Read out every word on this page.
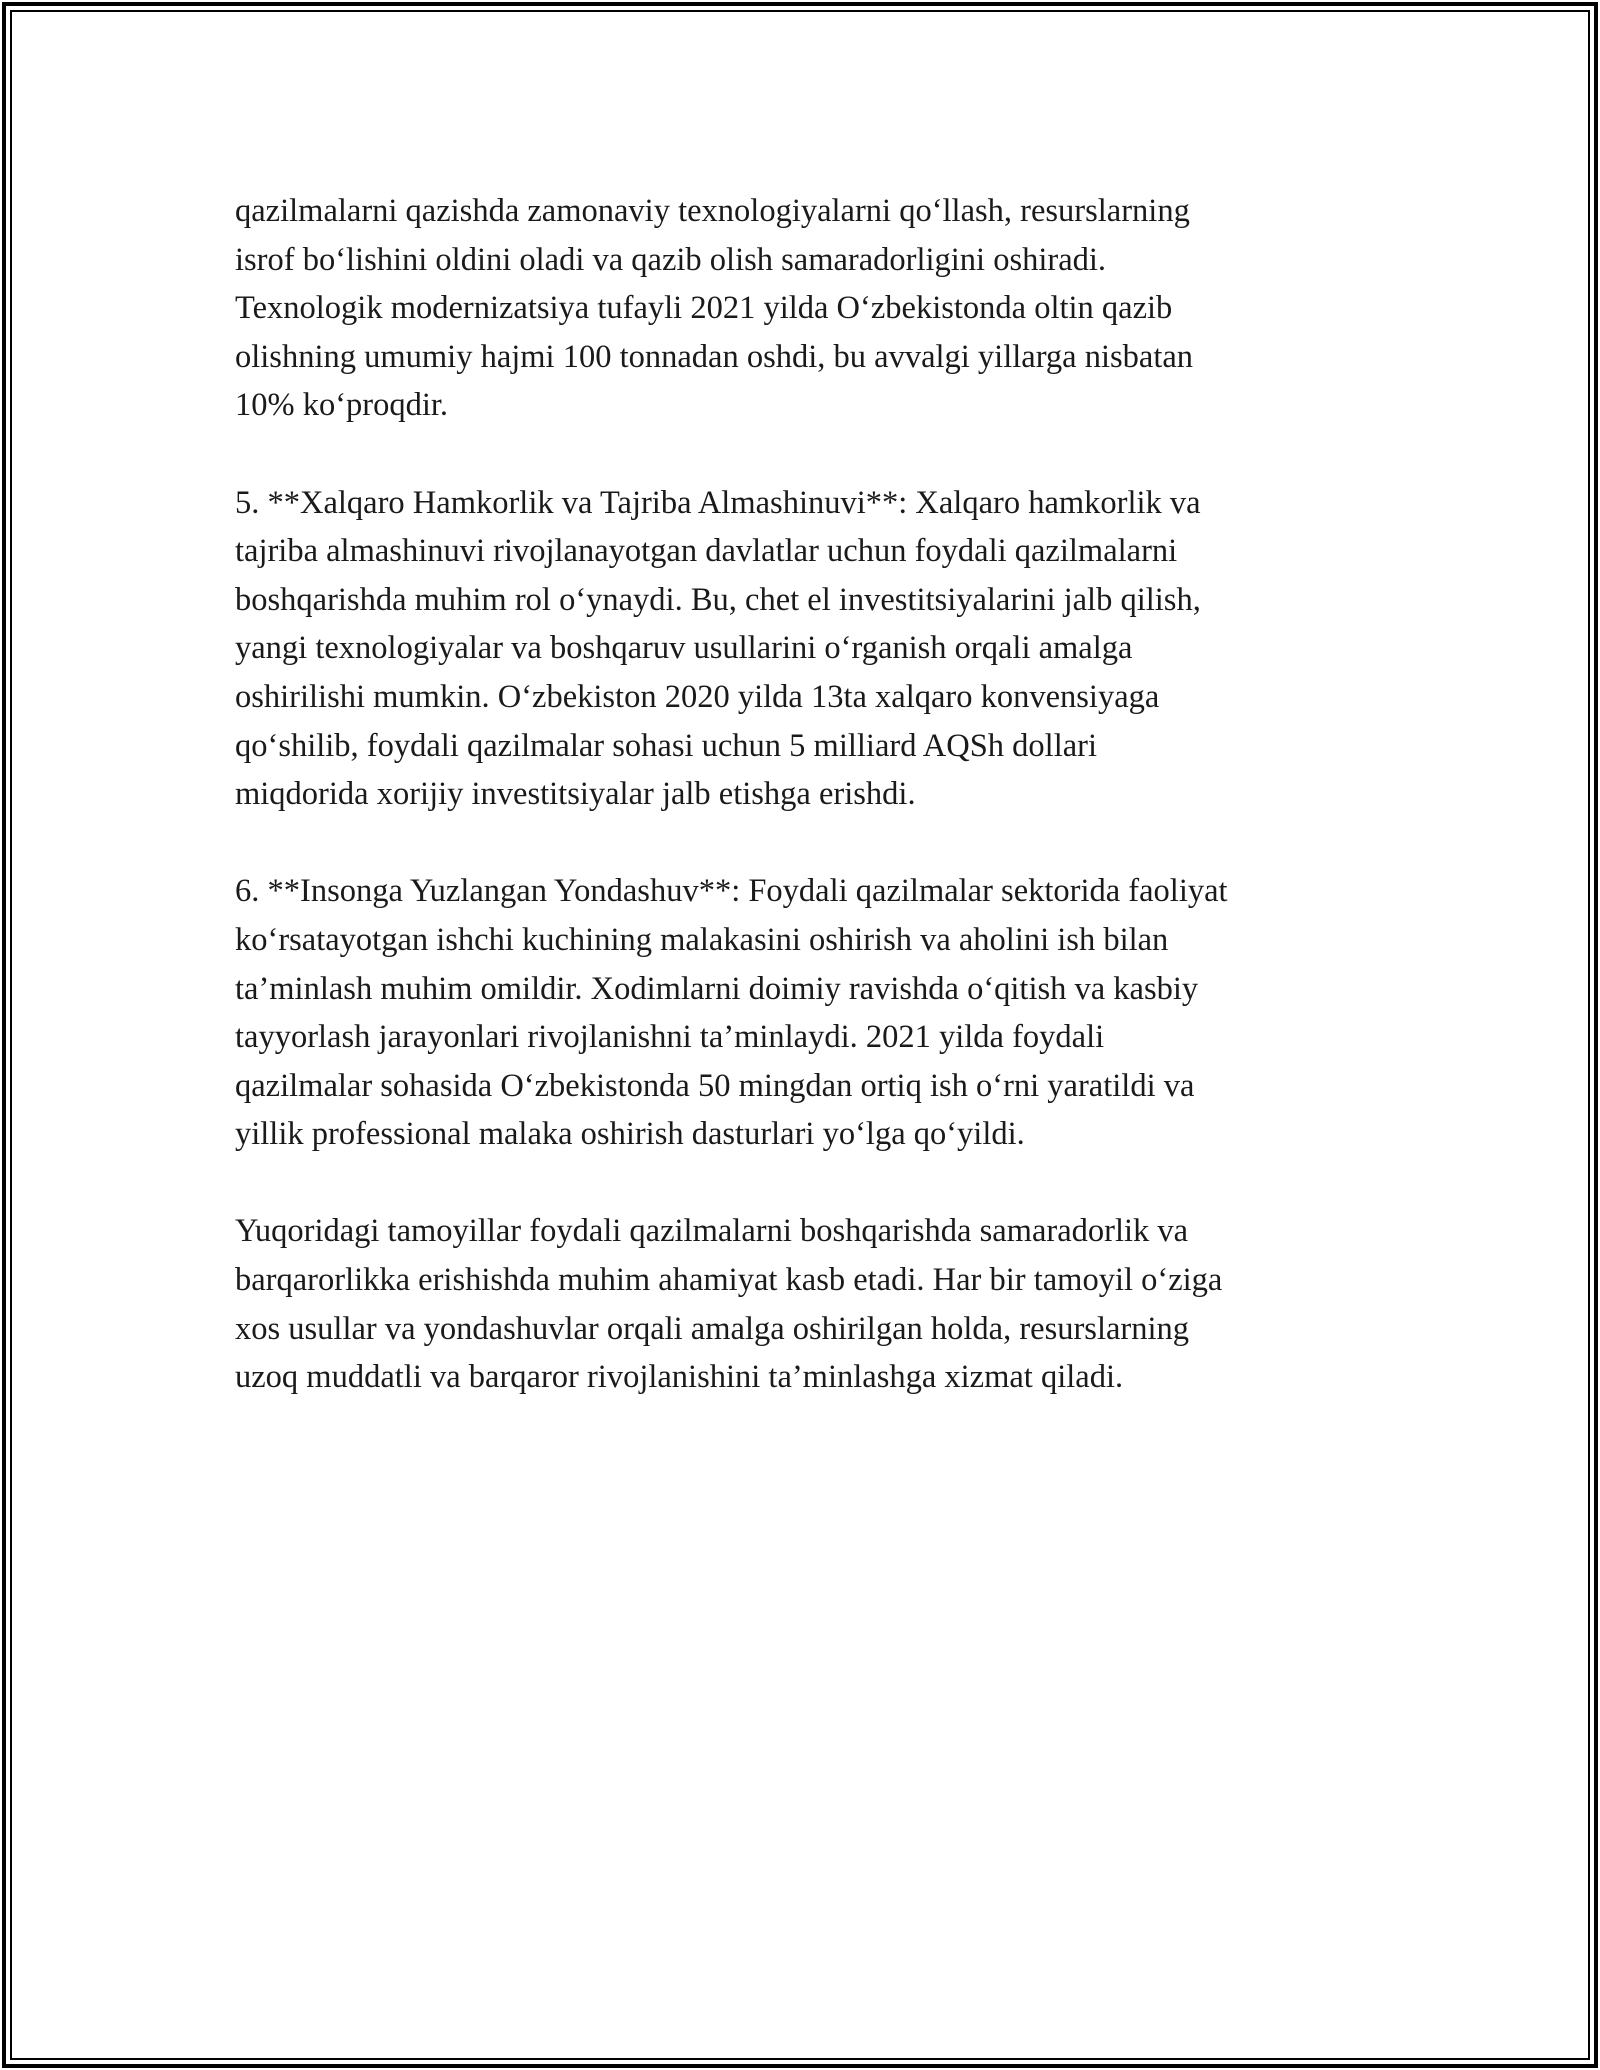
qazilmalarni qazishda zamonaviy texnologiyalarni qo‘llash, resurslarning
isrof bo‘lishini oldini oladi va qazib olish samaradorligini oshiradi.
Texnologik modernizatsiya tufayli 2021 yilda O‘zbekistonda oltin qazib
olishning umumiy hajmi 100 tonnadan oshdi, bu avvalgi yillarga nisbatan
10% ko‘proqdir.

5. **Xalqaro Hamkorlik va Tajriba Almashinuvi**: Xalqaro hamkorlik va
tajriba almashinuvi rivojlanayotgan davlatlar uchun foydali qazilmalarni
boshqarishda muhim rol o‘ynaydi. Bu, chet el investitsiyalarini jalb qilish,
yangi texnologiyalar va boshqaruv usullarini o‘rganish orqali amalga
oshirilishi mumkin. O‘zbekiston 2020 yilda 13ta xalqaro konvensiyaga
qo‘shilib, foydali qazilmalar sohasi uchun 5 milliard AQSh dollari
miqdorida xorijiy investitsiyalar jalb etishga erishdi.

6. **Insonga Yuzlangan Yondashuv**: Foydali qazilmalar sektorida faoliyat
ko‘rsatayotgan ishchi kuchining malakasini oshirish va aholini ish bilan
ta’minlash muhim omildir. Xodimlarni doimiy ravishda o‘qitish va kasbiy
tayyorlash jarayonlari rivojlanishni ta’minlaydi. 2021 yilda foydali
qazilmalar sohasida O‘zbekistonda 50 mingdan ortiq ish o‘rni yaratildi va
yillik professional malaka oshirish dasturlari yo‘lga qo‘yildi.

Yuqoridagi tamoyillar foydali qazilmalarni boshqarishda samaradorlik va
barqarorlikka erishishda muhim ahamiyat kasb etadi. Har bir tamoyil o‘ziga
xos usullar va yondashuvlar orqali amalga oshirilgan holda, resurslarning
uzoq muddatli va barqaror rivojlanishini ta’minlashga xizmat qiladi.
